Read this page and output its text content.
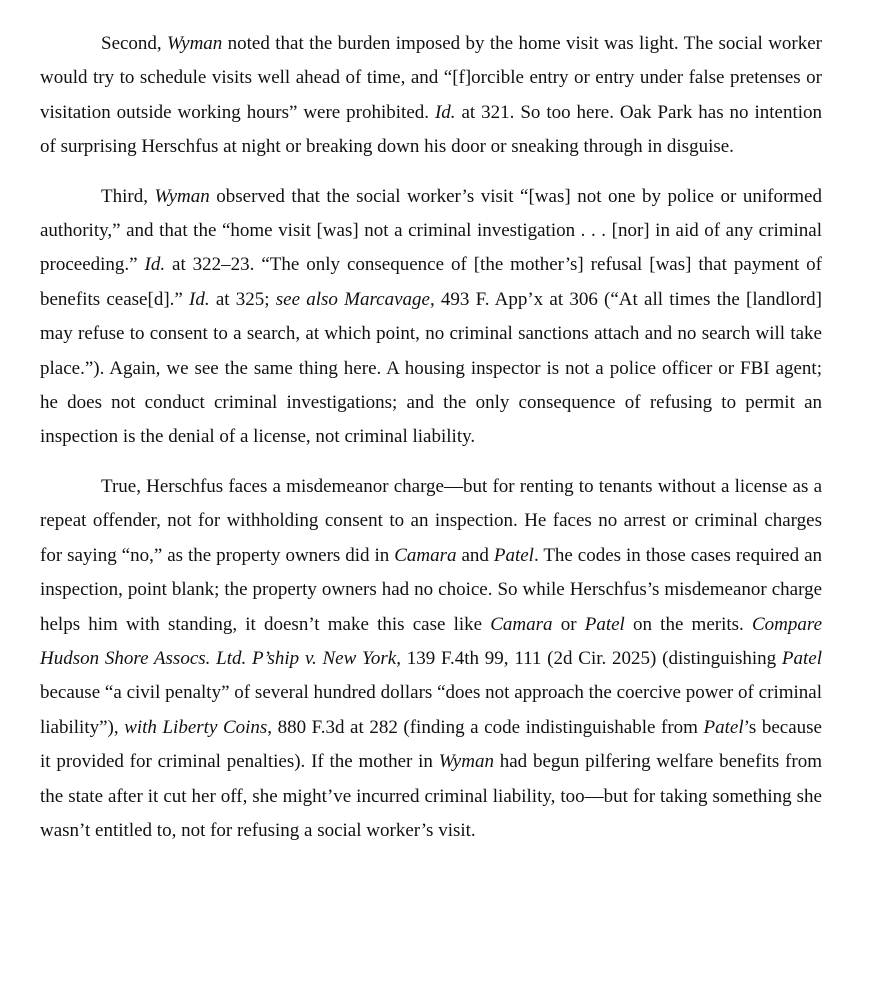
Second, Wyman noted that the burden imposed by the home visit was light. The social worker would try to schedule visits well ahead of time, and “[f]orcible entry or entry under false pretenses or visitation outside working hours” were prohibited. Id. at 321. So too here. Oak Park has no intention of surprising Herschfus at night or breaking down his door or sneaking through in disguise.

Third, Wyman observed that the social worker’s visit “[was] not one by police or uniformed authority,” and that the “home visit [was] not a criminal investigation . . . [nor] in aid of any criminal proceeding.” Id. at 322–23. “The only consequence of [the mother’s] refusal [was] that payment of benefits cease[d].” Id. at 325; see also Marcavage, 493 F. App’x at 306 (“At all times the [landlord] may refuse to consent to a search, at which point, no criminal sanctions attach and no search will take place.”). Again, we see the same thing here. A housing inspector is not a police officer or FBI agent; he does not conduct criminal investigations; and the only consequence of refusing to permit an inspection is the denial of a license, not criminal liability.

True, Herschfus faces a misdemeanor charge—but for renting to tenants without a license as a repeat offender, not for withholding consent to an inspection. He faces no arrest or criminal charges for saying “no,” as the property owners did in Camara and Patel. The codes in those cases required an inspection, point blank; the property owners had no choice. So while Herschfus’s misdemeanor charge helps him with standing, it doesn’t make this case like Camara or Patel on the merits. Compare Hudson Shore Assocs. Ltd. P’ship v. New York, 139 F.4th 99, 111 (2d Cir. 2025) (distinguishing Patel because “a civil penalty” of several hundred dollars “does not approach the coercive power of criminal liability”), with Liberty Coins, 880 F.3d at 282 (finding a code indistinguishable from Patel’s because it provided for criminal penalties). If the mother in Wyman had begun pilfering welfare benefits from the state after it cut her off, she might’ve incurred criminal liability, too—but for taking something she wasn’t entitled to, not for refusing a social worker’s visit.
